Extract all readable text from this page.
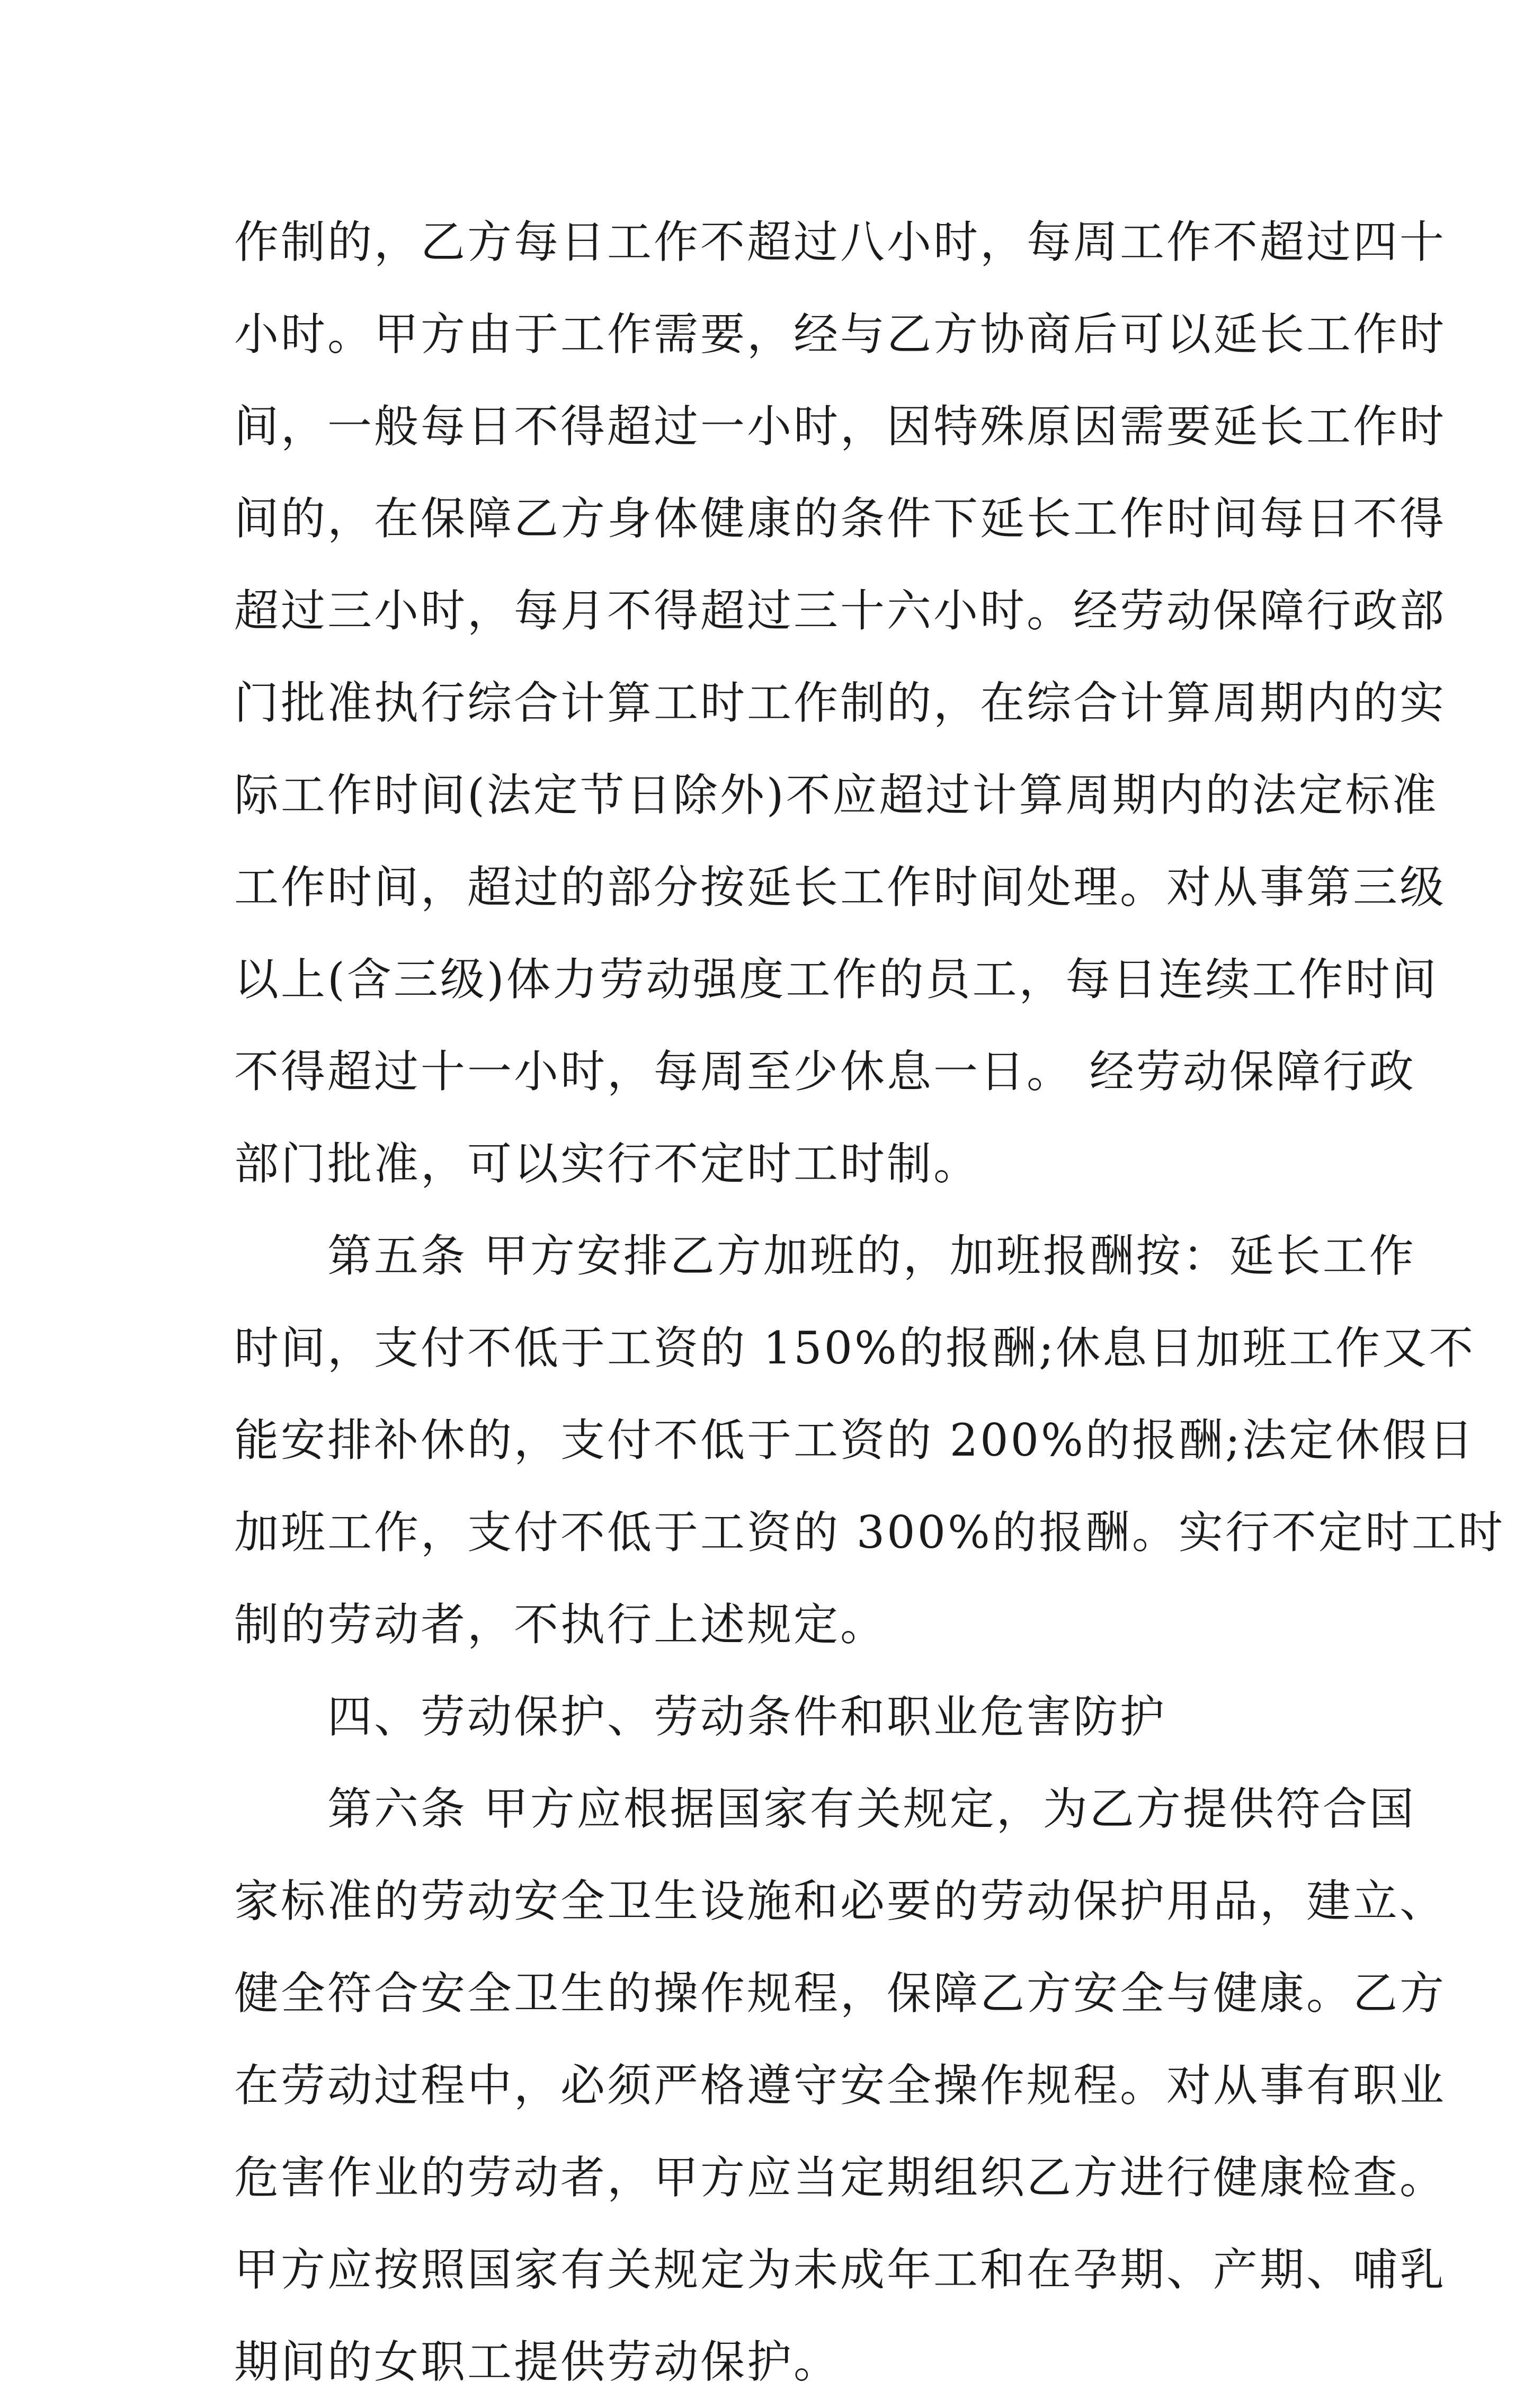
作制的，乙方每日工作不超过八小时，每周工作不超过四十
小时。甲方由于工作需要，经与乙方协商后可以延长工作时
间，一般每日不得超过一小时，因特殊原因需要延长工作时
间的，在保障乙方身体健康的条件下延长工作时间每日不得
超过三小时，每月不得超过三十六小时。经劳动保障行政部
门批准执行综合计算工时工作制的，在综合计算周期内的实
际工作时间(法定节日除外)不应超过计算周期内的法定标准
工作时间，超过的部分按延长工作时间处理。对从事第三级
以上(含三级)体力劳动强度工作的员工，每日连续工作时间
不得超过十一小时，每周至少休息一日。 经劳动保障行政
部门批准，可以实行不定时工时制。
　　第五条 甲方安排乙方加班的，加班报酬按：延长工作
时间，支付不低于工资的 150%的报酬;休息日加班工作又不
能安排补休的，支付不低于工资的 200%的报酬;法定休假日
加班工作，支付不低于工资的 300%的报酬。实行不定时工时
制的劳动者，不执行上述规定。
　　四、劳动保护、劳动条件和职业危害防护
　　第六条 甲方应根据国家有关规定，为乙方提供符合国
家标准的劳动安全卫生设施和必要的劳动保护用品，建立、
健全符合安全卫生的操作规程，保障乙方安全与健康。乙方
在劳动过程中，必须严格遵守安全操作规程。对从事有职业
危害作业的劳动者，甲方应当定期组织乙方进行健康检查。
甲方应按照国家有关规定为未成年工和在孕期、产期、哺乳
期间的女职工提供劳动保护。
